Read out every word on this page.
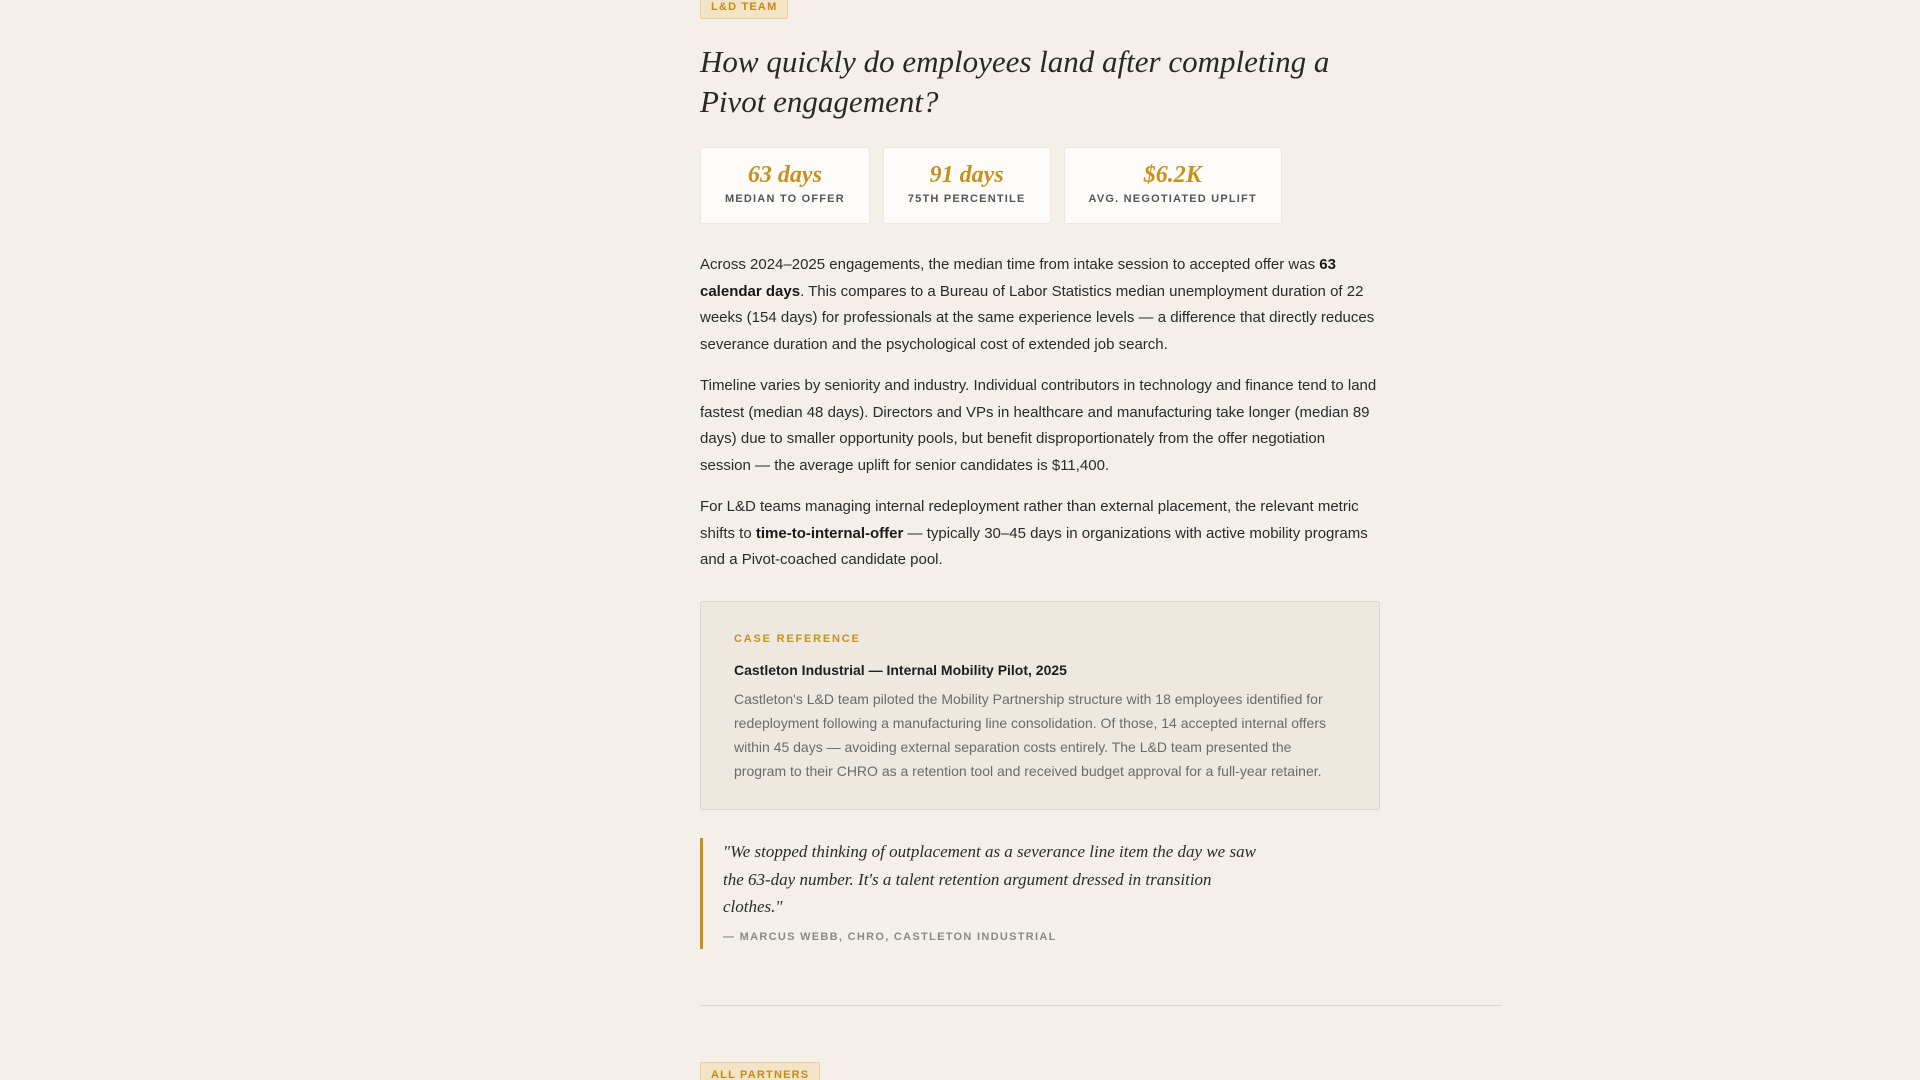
L&D TEAM
How quickly do employees land after completing a Pivot engagement?
63 days
MEDIAN TO OFFER
91 days
75TH PERCENTILE
$6.2K
AVG. NEGOTIATED UPLIFT

Across 2024–2025 engagements, the median time from intake session to accepted offer was 63 calendar days. This compares to a Bureau of Labor Statistics median unemployment duration of 22 weeks (154 days) for professionals at the same experience levels — a difference that directly reduces severance duration and the psychological cost of extended job search.

Timeline varies by seniority and industry. Individual contributors in technology and finance tend to land fastest (median 48 days). Directors and VPs in healthcare and manufacturing take longer (median 89 days) due to smaller opportunity pools, but benefit disproportionately from the offer negotiation session — the average uplift for senior candidates is $11,400.

For L&D teams managing internal redeployment rather than external placement, the relevant metric shifts to time-to-internal-offer — typically 30–45 days in organizations with active mobility programs and a Pivot-coached candidate pool.

CASE REFERENCE
Castleton Industrial — Internal Mobility Pilot, 2025
Castleton's L&D team piloted the Mobility Partnership structure with 18 employees identified for redeployment following a manufacturing line consolidation. Of those, 14 accepted internal offers within 45 days — avoiding external separation costs entirely. The L&D team presented the program to their CHRO as a retention tool and received budget approval for a full-year retainer.
"We stopped thinking of outplacement as a severance line item the day we saw the 63-day number. It's a talent retention argument dressed in transition clothes."
— MARCUS WEBB, CHRO, CASTLETON INDUSTRIAL
ALL PARTNERS
